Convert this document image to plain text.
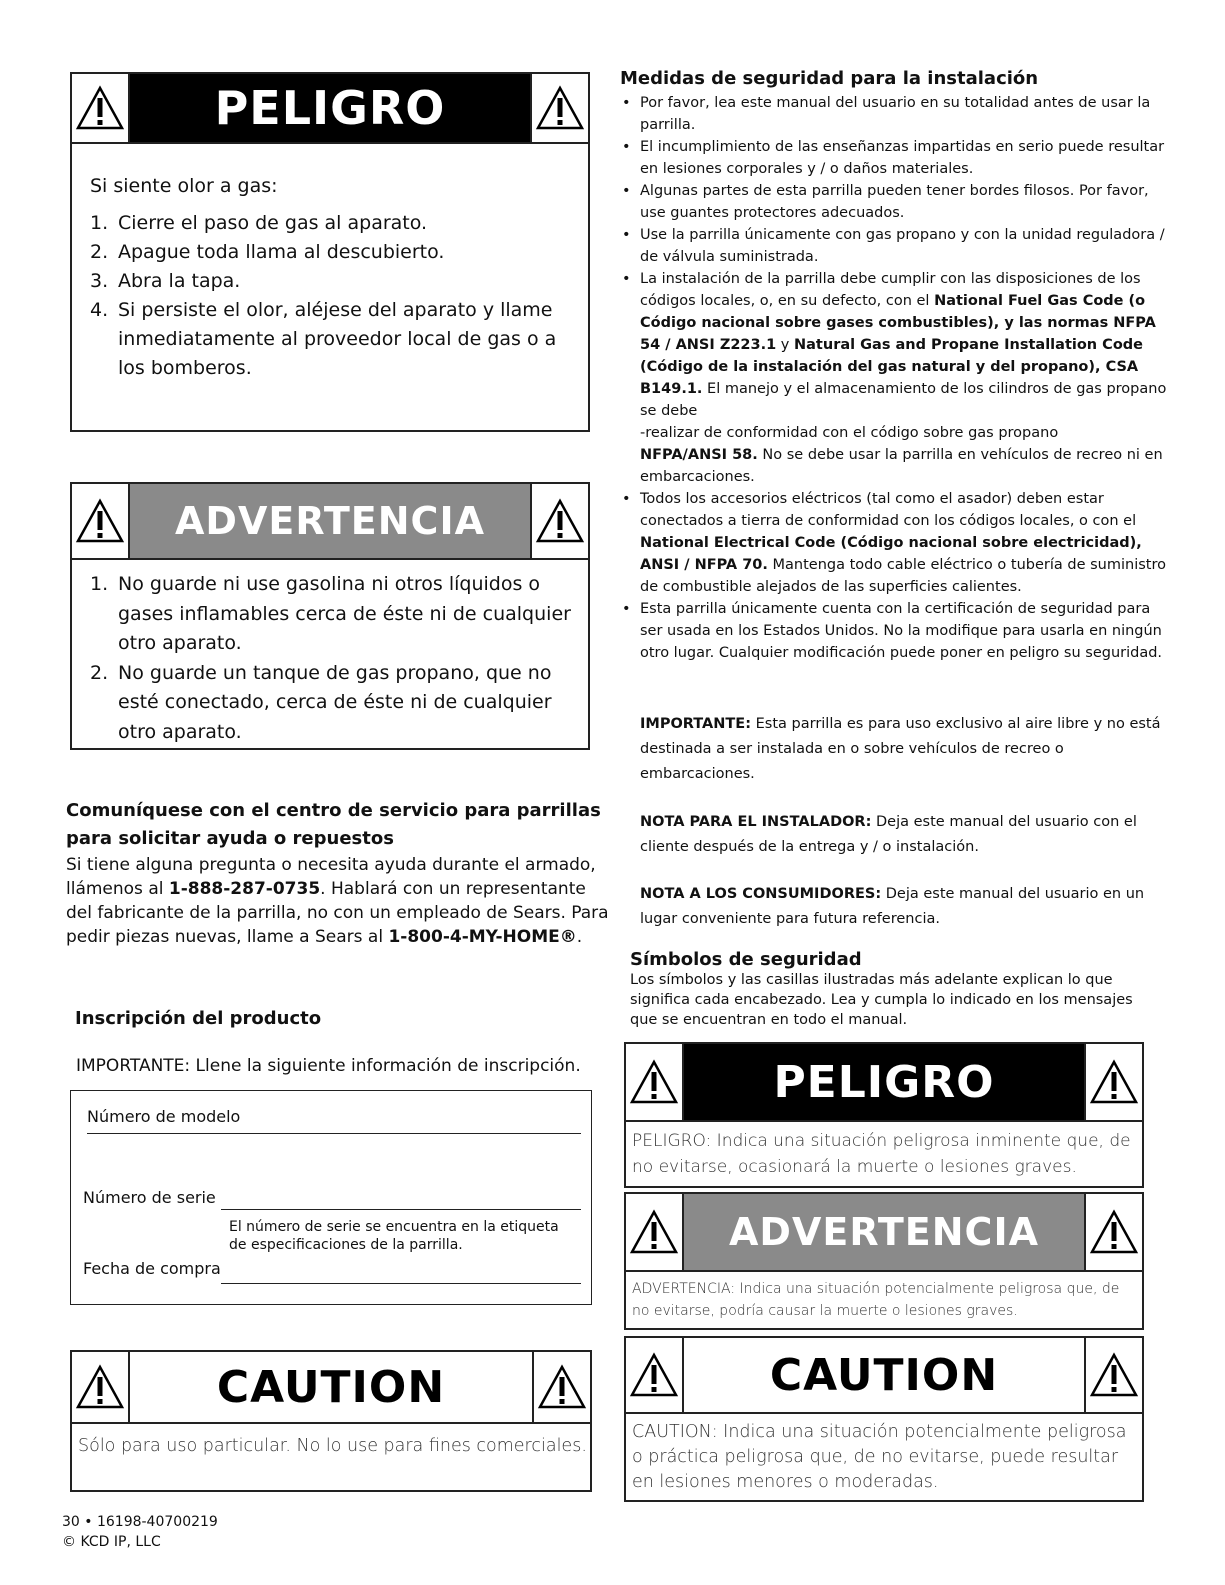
PELIGRO
Si siente olor a gas:
1. Cierre el paso de gas al aparato.
2. Apague toda llama al descubierto.
3. Abra la tapa.
4. Si persiste el olor, aléjese del aparato y llame inmediatamente al proveedor local de gas o a los bomberos.
ADVERTENCIA
1. No guarde ni use gasolina ni otros líquidos o gases inflamables cerca de éste ni de cualquier otro aparato.
2. No guarde un tanque de gas propano, que no esté conectado, cerca de éste ni de cualquier otro aparato.
Comuníquese con el centro de servicio para parrillas para solicitar ayuda o repuestos
Si tiene alguna pregunta o necesita ayuda durante el armado, llámenos al 1-888-287-0735. Hablará con un representante del fabricante de la parrilla, no con un empleado de Sears. Para pedir piezas nuevas, llame a Sears al 1-800-4-MY-HOME®.
Inscripción del producto
IMPORTANTE: Llene la siguiente información de inscripción.
Número de modelo
Número de serie
El número de serie se encuentra en la etiqueta de especificaciones de la parrilla.
Fecha de compra
CAUTION
Sólo para uso particular. No lo use para fines comerciales.
30 • 16198-40700219
© KCD IP, LLC
Medidas de seguridad para la instalación
• Por favor, lea este manual del usuario en su totalidad antes de usar la parrilla.
• El incumplimiento de las enseñanzas impartidas en serio puede resultar en lesiones corporales y / o daños materiales.
• Algunas partes de esta parrilla pueden tener bordes filosos. Por favor, use guantes protectores adecuados.
• Use la parrilla únicamente con gas propano y con la unidad reguladora / de válvula suministrada.
• La instalación de la parrilla debe cumplir con las disposiciones de los códigos locales, o, en su defecto, con el National Fuel Gas Code (o Código nacional sobre gases combustibles), y las normas NFPA 54 / ANSI Z223.1 y Natural Gas and Propane Installation Code (Código de la instalación del gas natural y del propano), CSA B149.1. El manejo y el almacenamiento de los cilindros de gas propano se debe
-realizar de conformidad con el código sobre gas propano
NFPA/ANSI 58. No se debe usar la parrilla en vehículos de recreo ni en embarcaciones.
• Todos los accesorios eléctricos (tal como el asador) deben estar conectados a tierra de conformidad con los códigos locales, o con el National Electrical Code (Código nacional sobre electricidad), ANSI / NFPA 70. Mantenga todo cable eléctrico o tubería de suministro de combustible alejados de las superficies calientes.
• Esta parrilla únicamente cuenta con la certificación de seguridad para ser usada en los Estados Unidos. No la modifique para usarla en ningún otro lugar. Cualquier modificación puede poner en peligro su seguridad.
IMPORTANTE: Esta parrilla es para uso exclusivo al aire libre y no está destinada a ser instalada en o sobre vehículos de recreo o embarcaciones.
NOTA PARA EL INSTALADOR: Deja este manual del usuario con el cliente después de la entrega y / o instalación.
NOTA A LOS CONSUMIDORES: Deja este manual del usuario en un lugar conveniente para futura referencia.
Símbolos de seguridad
Los símbolos y las casillas ilustradas más adelante explican lo que significa cada encabezado. Lea y cumpla lo indicado en los mensajes que se encuentran en todo el manual.
PELIGRO
PELIGRO: Indica una situación peligrosa inminente que, de no evitarse, ocasionará la muerte o lesiones graves.
ADVERTENCIA
ADVERTENCIA: Indica una situación potencialmente peligrosa que, de no evitarse, podría causar la muerte o lesiones graves.
CAUTION
CAUTION: Indica una situación potencialmente peligrosa o práctica peligrosa que, de no evitarse, puede resultar en lesiones menores o moderadas.
